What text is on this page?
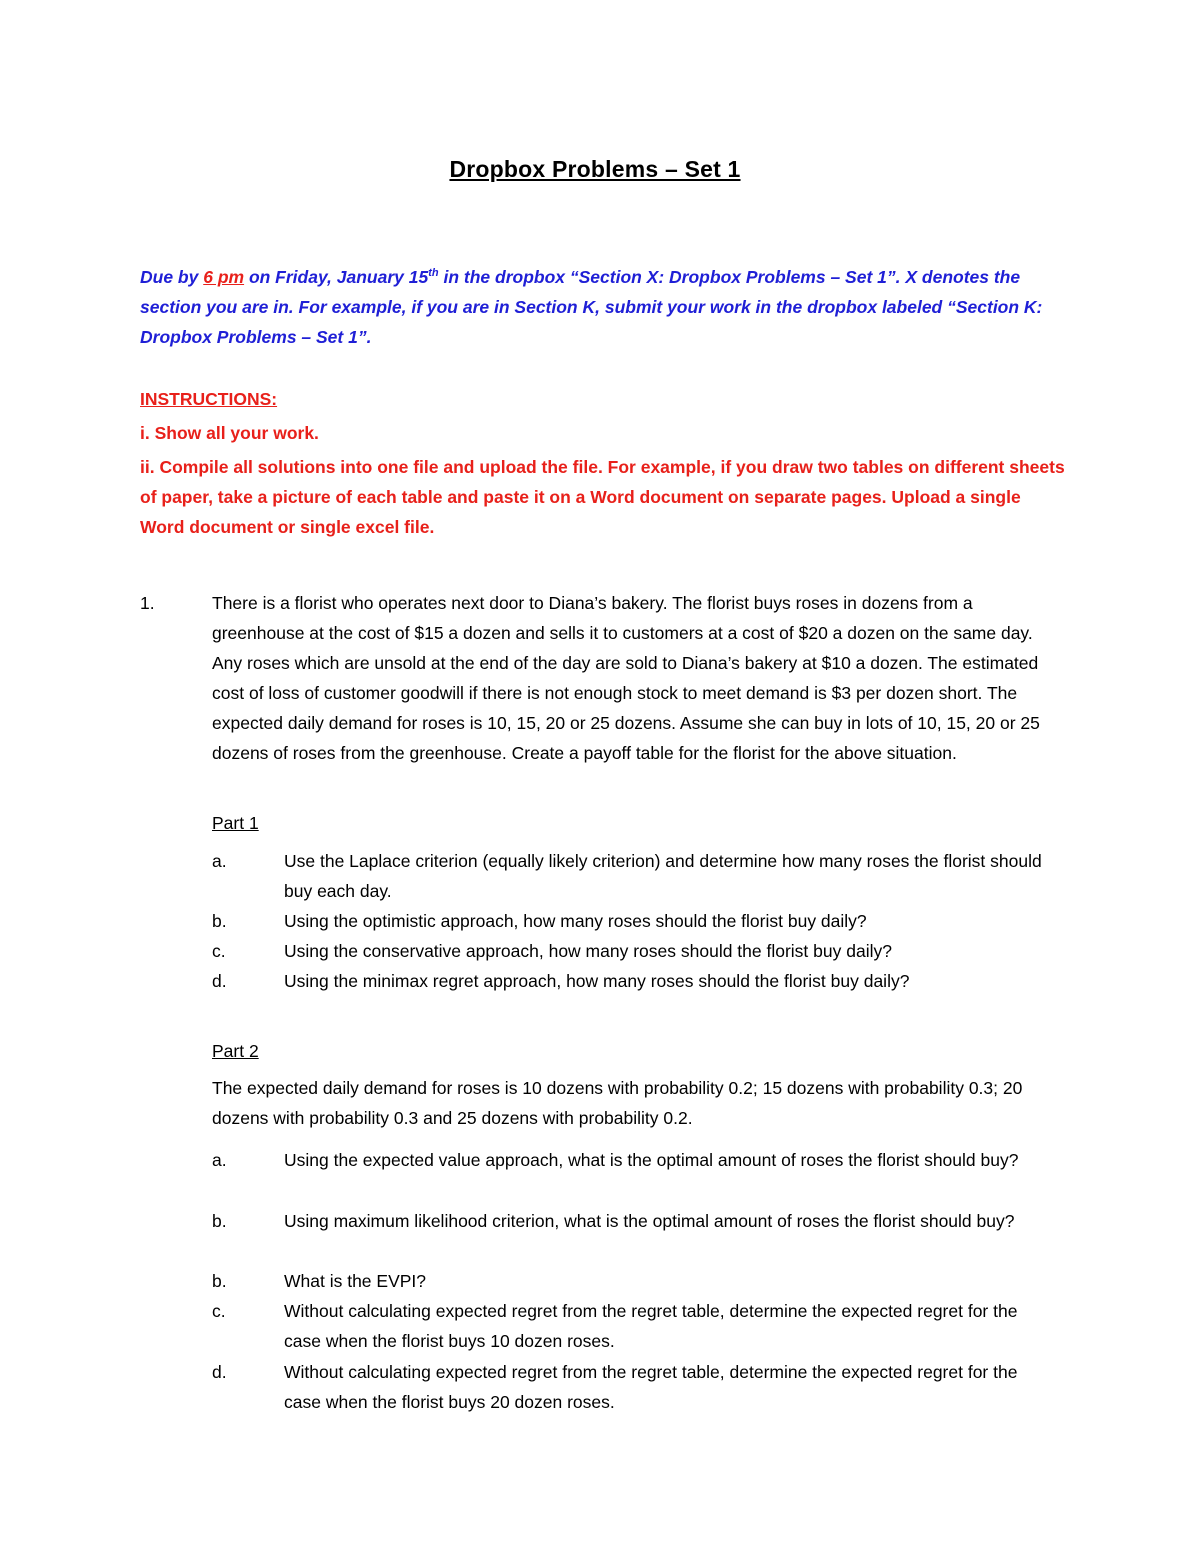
Dropbox Problems – Set 1
Due by 6 pm on Friday, January 15th in the dropbox “Section X: Dropbox Problems – Set 1”. X denotes the section you are in. For example, if you are in Section K, submit your work in the dropbox labeled “Section K: Dropbox Problems – Set 1”.
INSTRUCTIONS:
i. Show all your work.
ii. Compile all solutions into one file and upload the file. For example, if you draw two tables on different sheets of paper, take a picture of each table and paste it on a Word document on separate pages. Upload a single Word document or single excel file.
1.	There is a florist who operates next door to Diana’s bakery. The florist buys roses in dozens from a greenhouse at the cost of $15 a dozen and sells it to customers at a cost of $20 a dozen on the same day. Any roses which are unsold at the end of the day are sold to Diana’s bakery at $10 a dozen. The estimated cost of loss of customer goodwill if there is not enough stock to meet demand is $3 per dozen short. The expected daily demand for roses is 10, 15, 20 or 25 dozens. Assume she can buy in lots of 10, 15, 20 or 25 dozens of roses from the greenhouse. Create a payoff table for the florist for the above situation.
Part 1
a.	Use the Laplace criterion (equally likely criterion) and determine how many roses the florist should buy each day.
b.	Using the optimistic approach, how many roses should the florist buy daily?
c.	Using the conservative approach, how many roses should the florist buy daily?
d.	Using the minimax regret approach, how many roses should the florist buy daily?
Part 2
The expected daily demand for roses is 10 dozens with probability 0.2; 15 dozens with probability 0.3; 20 dozens with probability 0.3 and 25 dozens with probability 0.2.
a.	Using the expected value approach, what is the optimal amount of roses the florist should buy?
b.	Using maximum likelihood criterion, what is the optimal amount of roses the florist should buy?
b.	What is the EVPI?
c.	Without calculating expected regret from the regret table, determine the expected regret for the case when the florist buys 10 dozen roses.
d.	Without calculating expected regret from the regret table, determine the expected regret for the case when the florist buys 20 dozen roses.
